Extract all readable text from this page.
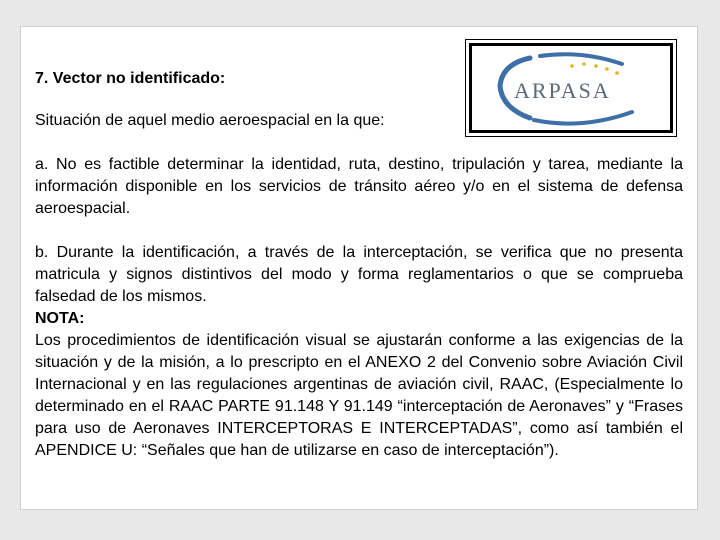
ARPASA

7. Vector no identificado:

Situación de aquel medio aeroespacial en la que:

a. No es factible determinar la identidad, ruta, destino, tripulación y tarea, mediante la información disponible en los servicios de tránsito aéreo y/o en el sistema de defensa aeroespacial.

b. Durante la identificación, a través de la interceptación, se verifica que no presenta matricula y signos distintivos del modo y forma reglamentarios o que se comprueba falsedad de los mismos.

NOTA:

Los procedimientos de identificación visual se ajustarán conforme a las exigencias de la situación y de la misión, a lo prescripto en el ANEXO 2 del Convenio sobre Aviación Civil Internacional y en las regulaciones argentinas de aviación civil, RAAC, (Especialmente lo determinado en el RAAC PARTE 91.148 Y 91.149 “interceptación de Aeronaves” y “Frases para uso de Aeronaves INTERCEPTORAS E INTERCEPTADAS”, como así también el APENDICE U: “Señales que han de utilizarse en caso de interceptación”).
